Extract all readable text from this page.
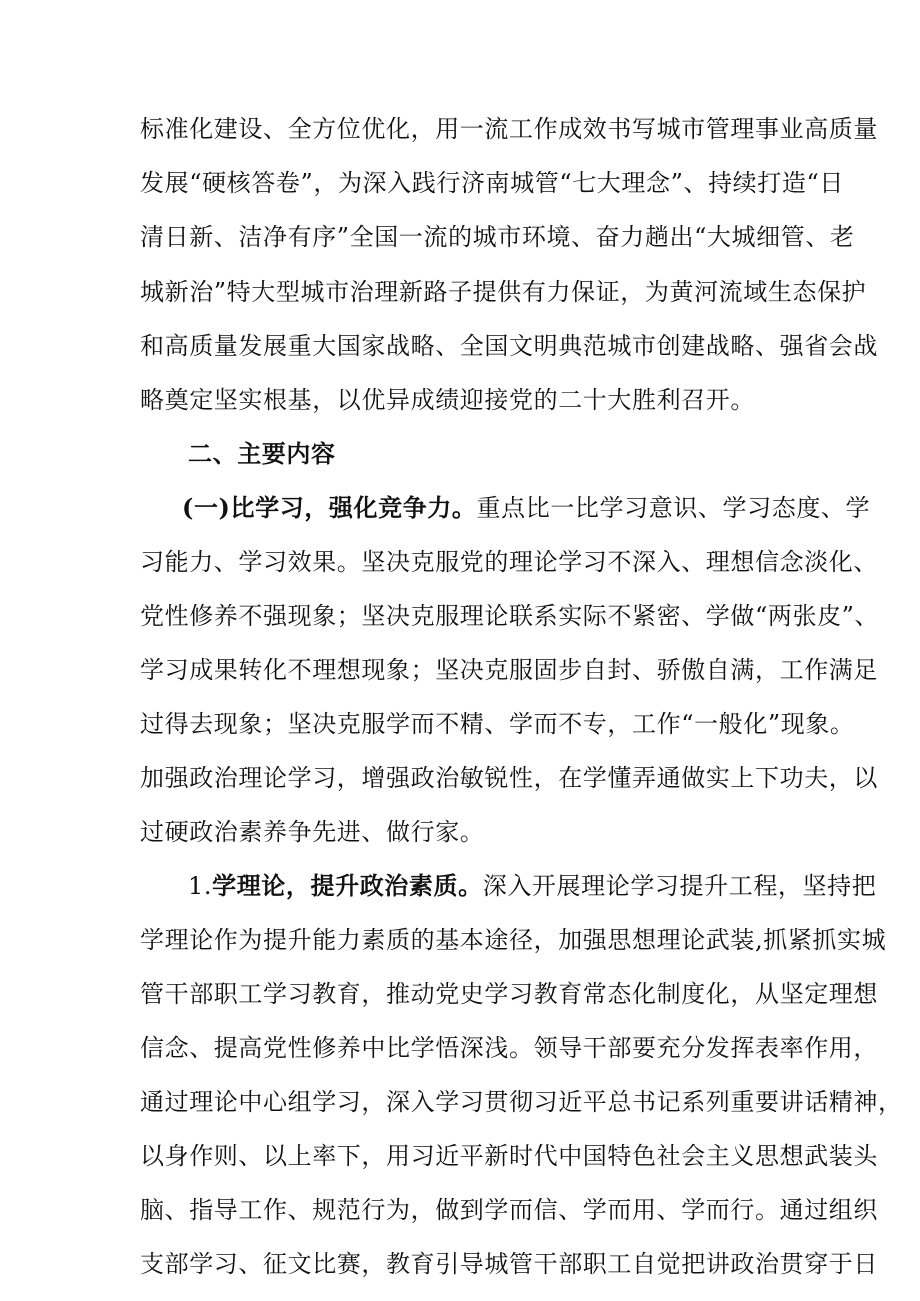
标准化建设、全方位优化，用一流工作成效书写城市管理事业高质量
发展“硬核答卷”，为深入践行济南城管“七大理念”、持续打造“日
清日新、洁净有序”全国一流的城市环境、奋力趟出“大城细管、老
城新治”特大型城市治理新路子提供有力保证，为黄河流域生态保护
和高质量发展重大国家战略、全国文明典范城市创建战略、强省会战
略奠定坚实根基，以优异成绩迎接党的二十大胜利召开。
二、主要内容
(一)比学习，强化竞争力。重点比一比学习意识、学习态度、学
习能力、学习效果。坚决克服党的理论学习不深入、理想信念淡化、
党性修养不强现象；坚决克服理论联系实际不紧密、学做“两张皮”、
学习成果转化不理想现象；坚决克服固步自封、骄傲自满，工作满足
过得去现象；坚决克服学而不精、学而不专，工作“一般化”现象。
加强政治理论学习，增强政治敏锐性，在学懂弄通做实上下功夫，以
过硬政治素养争先进、做行家。
1.学理论，提升政治素质。深入开展理论学习提升工程，坚持把
学理论作为提升能力素质的基本途径，加强思想理论武装,抓紧抓实城
管干部职工学习教育，推动党史学习教育常态化制度化，从坚定理想
信念、提高党性修养中比学悟深浅。领导干部要充分发挥表率作用，
通过理论中心组学习，深入学习贯彻习近平总书记系列重要讲话精神，
以身作则、以上率下，用习近平新时代中国特色社会主义思想武装头
脑、指导工作、规范行为，做到学而信、学而用、学而行。通过组织
支部学习、征文比赛，教育引导城管干部职工自觉把讲政治贯穿于日
